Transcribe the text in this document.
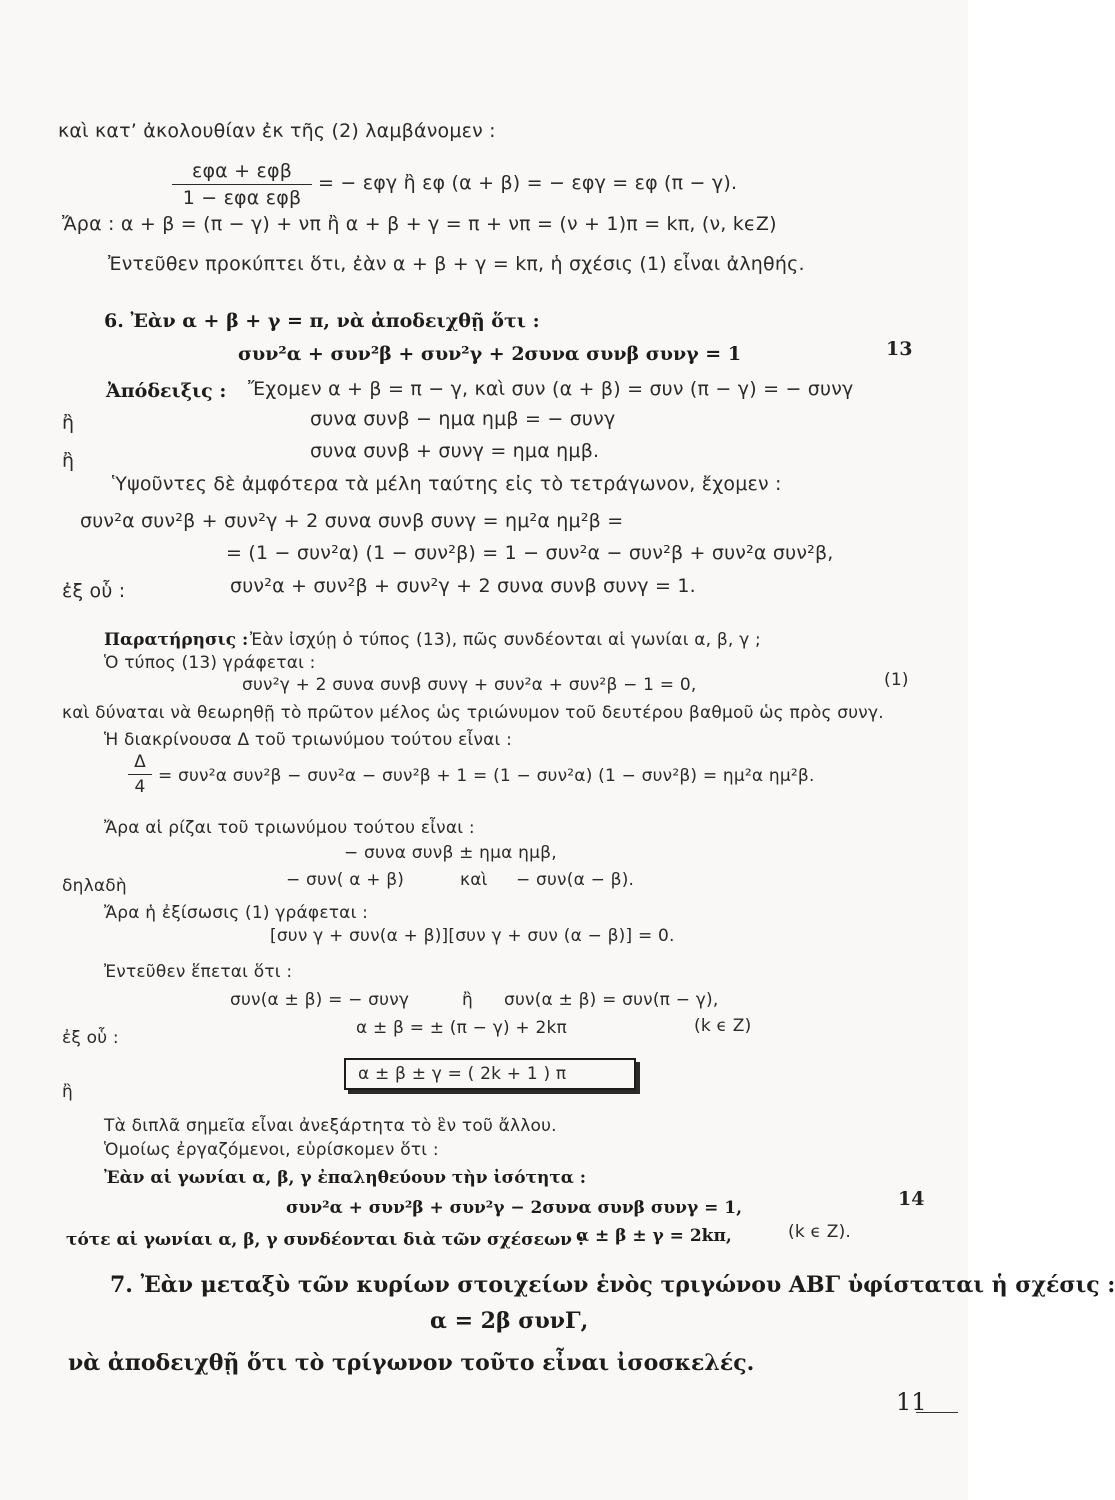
καὶ κατ’ ἀκολουθίαν ἐκ τῆς (2) λαμβάνομεν :

εφα + εφβ
1 − εφα εφβ

= − εφγ ἢ εφ (α + β) = − εφγ = εφ (π − γ).

Ἄρα : α + β = (π − γ) + νπ ἢ α + β + γ = π + νπ = (ν + 1)π = kπ, (ν, kϵZ)

Ἐντεῦθεν προκύπτει ὅτι, ἐὰν α + β + γ = kπ, ἡ σχέσις (1) εἶναι ἀληθής.

6. Ἐὰν α + β + γ = π, νὰ ἀποδειχθῇ ὅτι :

συν²α + συν²β + συν²γ + 2συνα συνβ συνγ = 1	13
Ἀπόδειξις : Ἔχομεν α + β = π − γ, καὶ συν (α + β) = συν (π − γ) = − συνγ

ἢ	συνα συνβ − ημα ημβ = − συνγ

ἢ	συνα συνβ + συνγ = ημα ημβ.

Ὑψοῦντες δὲ ἀμφότερα τὰ μέλη ταύτης εἰς τὸ τετράγωνον, ἔχομεν :

συν²α συν²β + συν²γ + 2 συνα συνβ συνγ = ημ²α ημ²β =

= (1 − συν²α) (1 − συν²β) = 1 − συν²α − συν²β + συν²α συν²β,

ἐξ οὗ :	συν²α + συν²β + συν²γ + 2 συνα συνβ συνγ = 1.

Παρατήρησις : Ἐὰν ἰσχύῃ ὁ τύπος (13), πῶς συνδέονται αἱ γωνίαι α, β, γ ;

Ὁ τύπος (13) γράφεται :

συν²γ + 2 συνα συνβ συνγ + συν²α + συν²β − 1 = 0,	(1)

καὶ δύναται νὰ θεωρηθῇ τὸ πρῶτον μέλος ὡς τριώνυμον τοῦ δευτέρου βαθμοῦ ὡς πρὸς συνγ.

Ἡ διακρίνουσα Δ τοῦ τριωνύμου τούτου εἶναι :

Δ
4

= συν²α συν²β − συν²α − συν²β + 1 = (1 − συν²α) (1 − συν²β) = ημ²α ημ²β.

Ἄρα αἱ ρίζαι τοῦ τριωνύμου τούτου εἶναι :

− συνα συνβ ± ημα ημβ,

δηλαδὴ	− συν( α + β)	καὶ − συν(α − β).

Ἄρα ἡ ἐξίσωσις (1) γράφεται :

[συν γ + συν(α + β)][συν γ + συν (α − β)] = 0.

Ἐντεῦθεν ἕπεται ὅτι :

συν(α ± β) = − συνγ	ἢ συν(α ± β) = συν(π − γ),

ἐξ οὗ :	α ± β = ± (π − γ) + 2kπ	(k ϵ Z)
ἢ

α ± β ± γ = ( 2k + 1 ) π

Τὰ διπλᾶ σημεῖα εἶναι ἀνεξάρτητα τὸ ἓν τοῦ ἄλλου.

Ὁμοίως ἐργαζόμενοι, εὑρίσκομεν ὅτι :

Ἐὰν αἱ γωνίαι α, β, γ ἐπαληθεύουν τὴν ἰσότητα :

συν²α + συν²β + συν²γ − 2συνα συνβ συνγ = 1,	14

τότε αἱ γωνίαι α, β, γ συνδέονται διὰ τῶν σχέσεων :

α ± β ± γ = 2kπ,	(k ϵ Z).

7. Ἐὰν μεταξὺ τῶν κυρίων στοιχείων ἑνὸς τριγώνου ΑΒΓ ὑφίσταται ἡ σχέσις :

α = 2β συνΓ,

νὰ ἀποδειχθῇ ὅτι τὸ τρίγωνον τοῦτο εἶναι ἰσοσκελές.

11
